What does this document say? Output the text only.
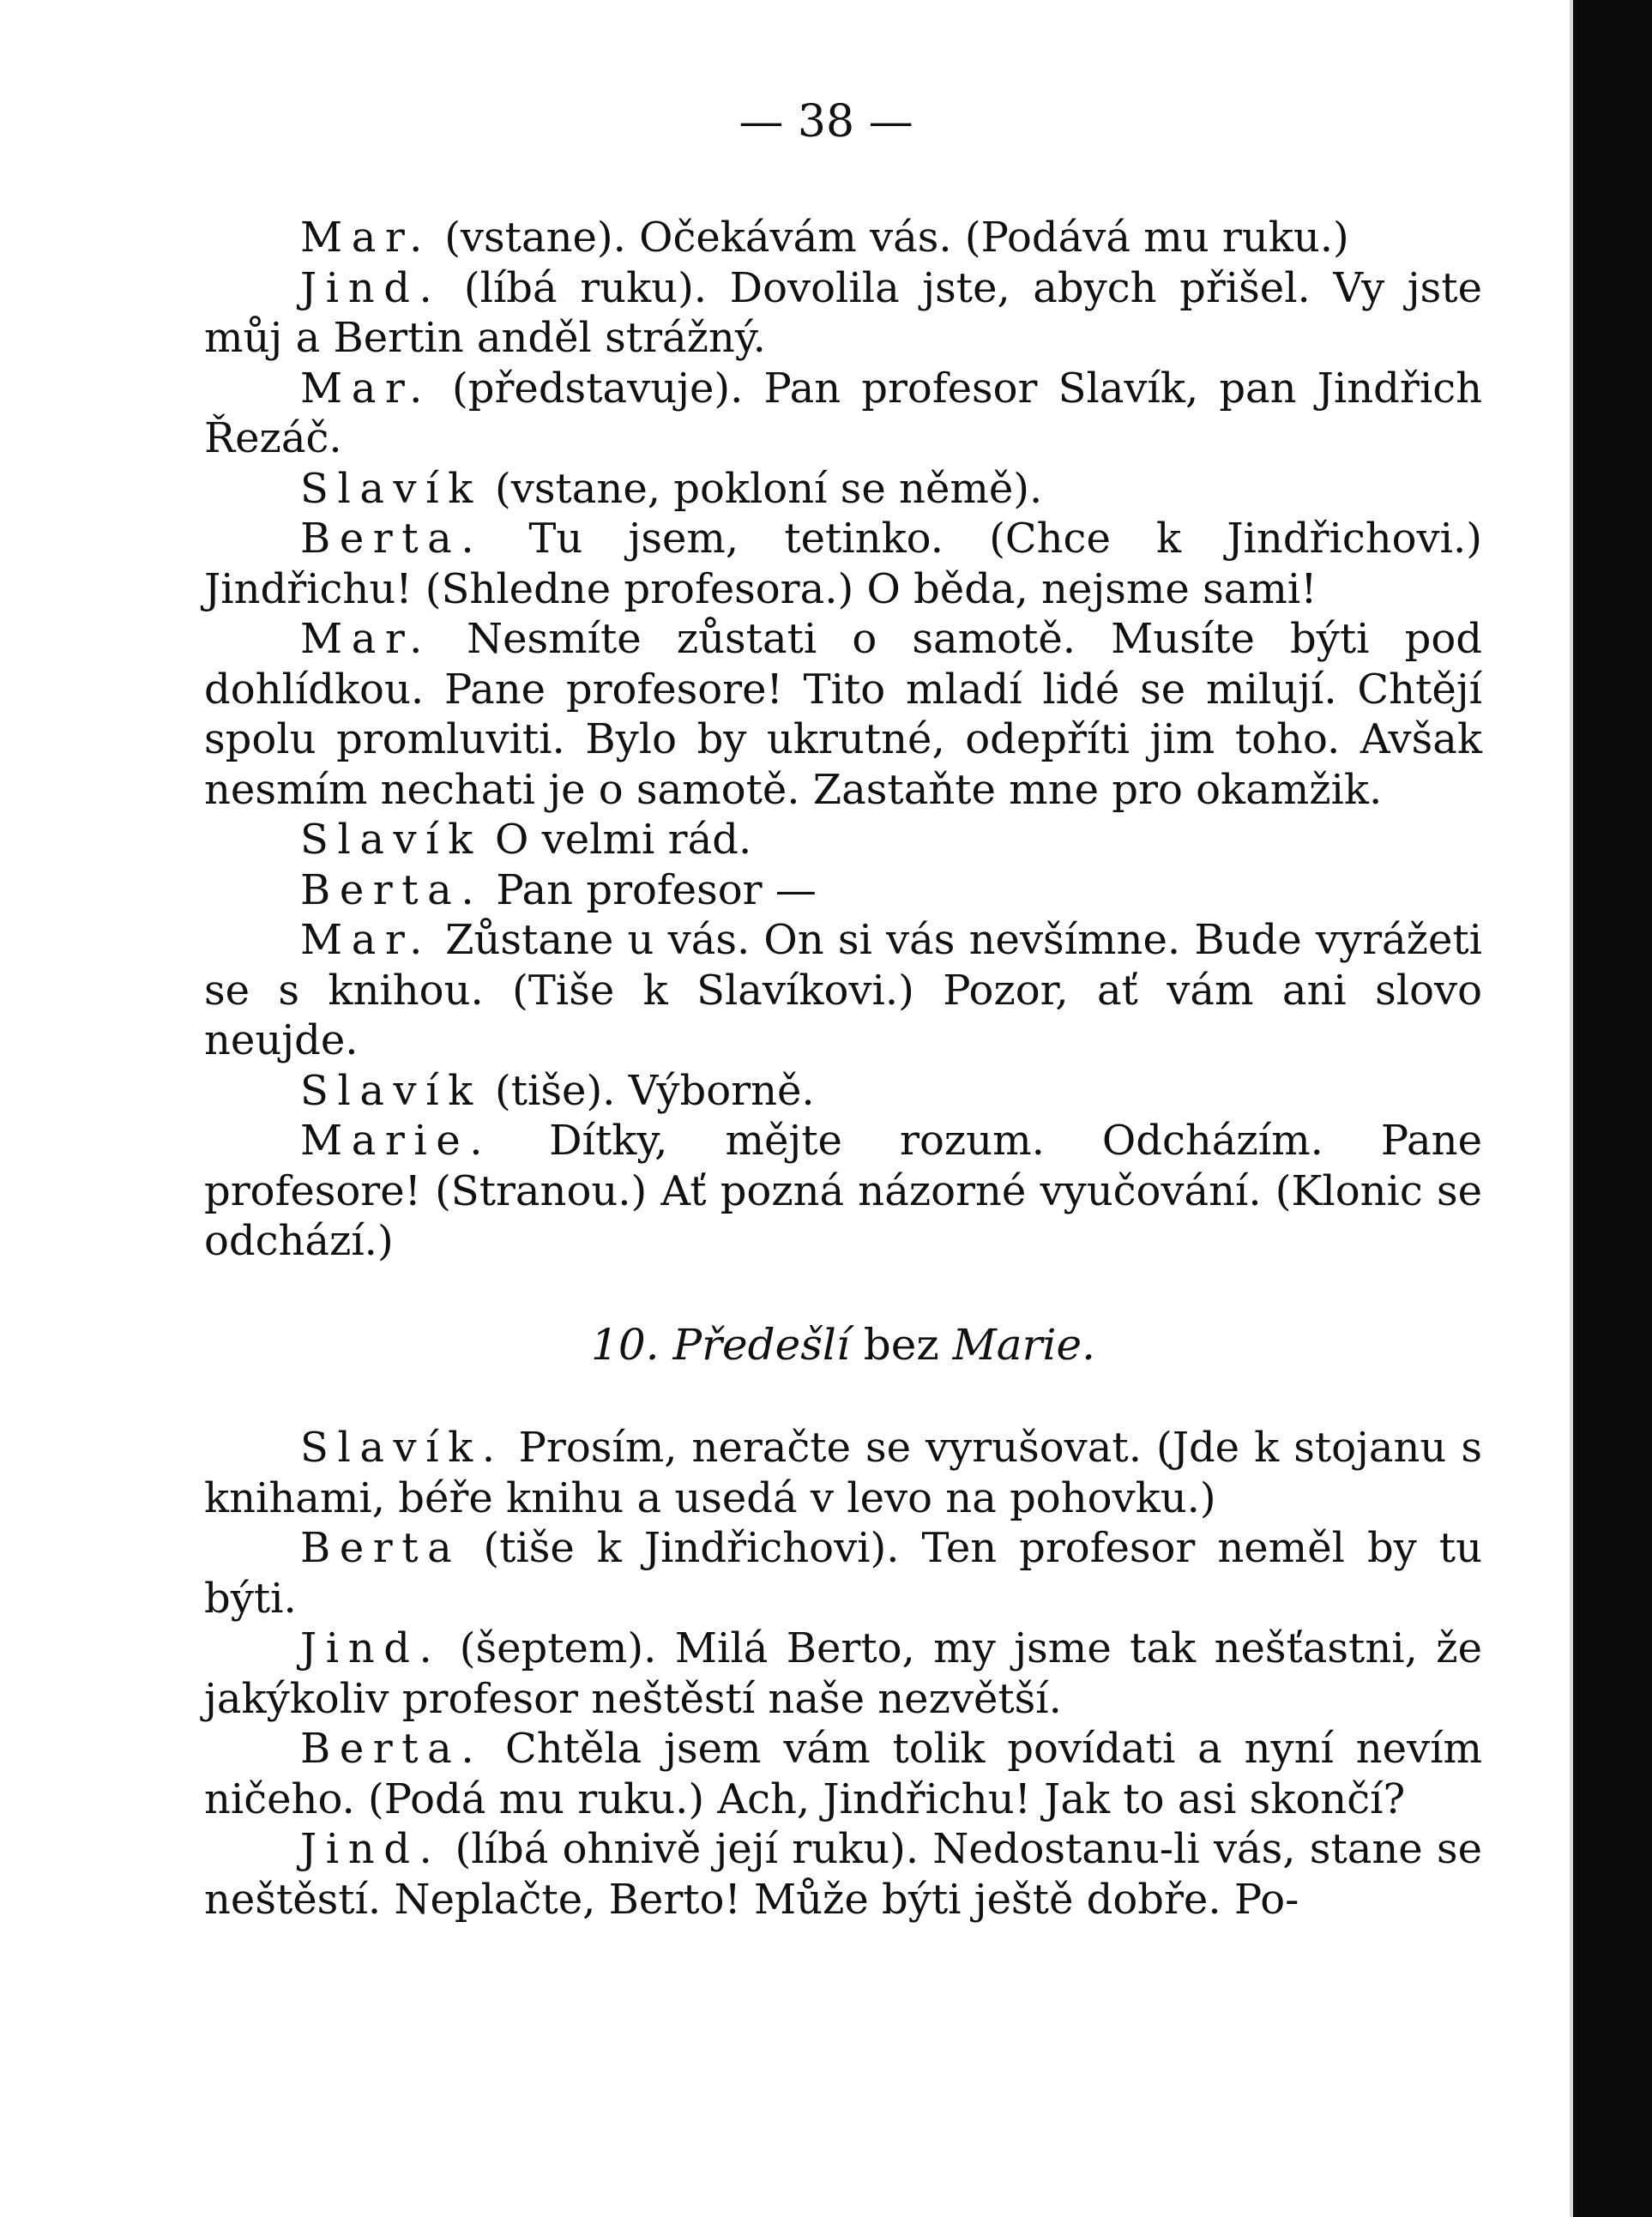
— 38 —

Mar. (vstane). Očekávám vás. (Podává mu ruku.)

Jind. (líbá ruku). Dovolila jste, abych přišel. Vy jste můj a Bertin anděl strážný.

Mar. (představuje). Pan profesor Slavík, pan Jindřich Řezáč.

Slavík (vstane, pokloní se němě).

Berta. Tu jsem, tetinko. (Chce k Jindřichovi.) Jindřichu! (Shledne profesora.) O běda, nejsme sami!

Mar. Nesmíte zůstati o samotě. Musíte býti pod dohlídkou. Pane profesore! Tito mladí lidé se milují. Chtějí spolu promluviti. Bylo by ukrutné, odepříti jim toho. Avšak nesmím nechati je o samotě. Zastaňte mne pro okamžik.

Slavík O velmi rád.

Berta. Pan profesor —

Mar. Zůstane u vás. On si vás nevšímne. Bude vyrážeti se s knihou. (Tiše k Slavíkovi.) Pozor, ať vám ani slovo neujde.

Slavík (tiše). Výborně.

Marie. Dítky, mějte rozum. Odcházím. Pane profesore! (Stranou.) Ať pozná názorné vyučování. (Klonic se odchází.)

10. Předešlí bez Marie.

Slavík. Prosím, neračte se vyrušovat. (Jde k stojanu s knihami, béře knihu a usedá v levo na pohovku.)

Berta (tiše k Jindřichovi). Ten profesor neměl by tu býti.

Jind. (šeptem). Milá Berto, my jsme tak nešťastni, že jakýkoliv profesor neštěstí naše nezvětší.

Berta. Chtěla jsem vám tolik povídati a nyní nevím ničeho. (Podá mu ruku.) Ach, Jindřichu! Jak to asi skončí?

Jind. (líbá ohnivě její ruku). Nedostanu-li vás, stane se neštěstí. Neplačte, Berto! Může býti ještě dobře. Po-
